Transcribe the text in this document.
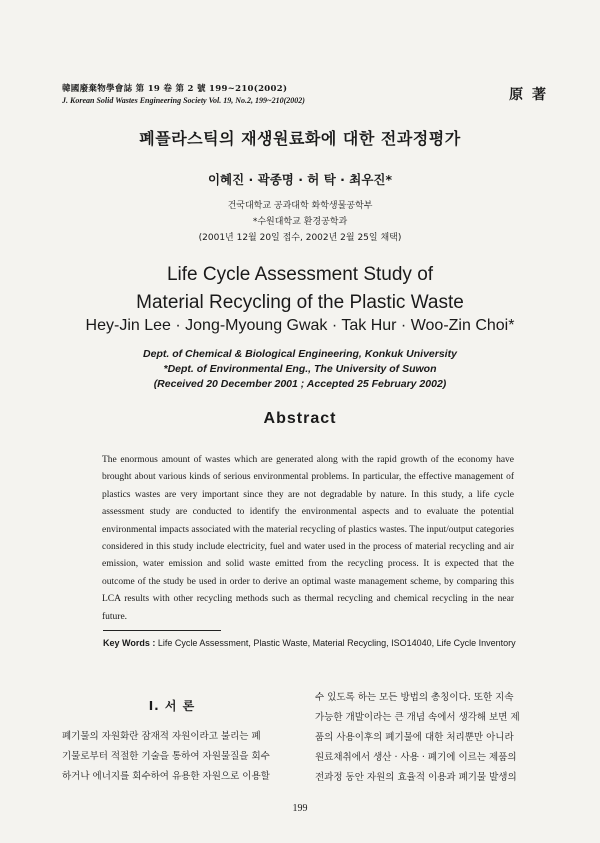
韓國廢棄物學會誌 第 19 卷 第 2 號 199~210(2002)
J. Korean Solid Wastes Engineering Society Vol. 19, No.2, 199~210(2002)	原 著
폐플라스틱의 재생원료화에 대한 전과정평가
이혜진 · 곽종명 · 허 탁 · 최우진*
건국대학교 공과대학 화학생물공학부
*수원대학교 환경공학과
(2001년 12월 20일 접수, 2002년 2월 25일 채택)
Life Cycle Assessment Study of
Material Recycling of the Plastic Waste
Hey-Jin Lee · Jong-Myoung Gwak · Tak Hur · Woo-Zin Choi*
Dept. of Chemical & Biological Engineering, Konkuk University
*Dept. of Environmental Eng., The University of Suwon
(Received 20 December 2001 ; Accepted 25 February 2002)
Abstract
The enormous amount of wastes which are generated along with the rapid growth of the economy have brought about various kinds of serious environmental problems. In particular, the effective management of plastics wastes are very important since they are not degradable by nature. In this study, a life cycle assessment study are conducted to identify the environmental aspects and to evaluate the potential environmental impacts associated with the material recycling of plastics wastes. The input/output categories considered in this study include electricity, fuel and water used in the process of material recycling and air emission, water emission and solid waste emitted from the recycling process. It is expected that the outcome of the study be used in order to derive an optimal waste management scheme, by comparing this LCA results with other recycling methods such as thermal recycling and chemical recycling in the near future.
Key Words : Life Cycle Assessment, Plastic Waste, Material Recycling, ISO14040, Life Cycle Inventory
Ⅰ. 서 론
폐기물의 자원화란 잠재적 자원이라고 불리는 폐
기물로부터 적절한 기술을 통하여 자원물질을 회수
하거나 에너지를 회수하여 유용한 자원으로 이용할
수 있도록 하는 모든 방법의 총칭이다. 또한 지속
가능한 개발이라는 큰 개념 속에서 생각해 보면 제
품의 사용이후의 폐기물에 대한 처리뿐만 아니라
원료채취에서 생산 · 사용 · 폐기에 이르는 제품의
전과정 동안 자원의 효율적 이용과 폐기물 발생의
199
